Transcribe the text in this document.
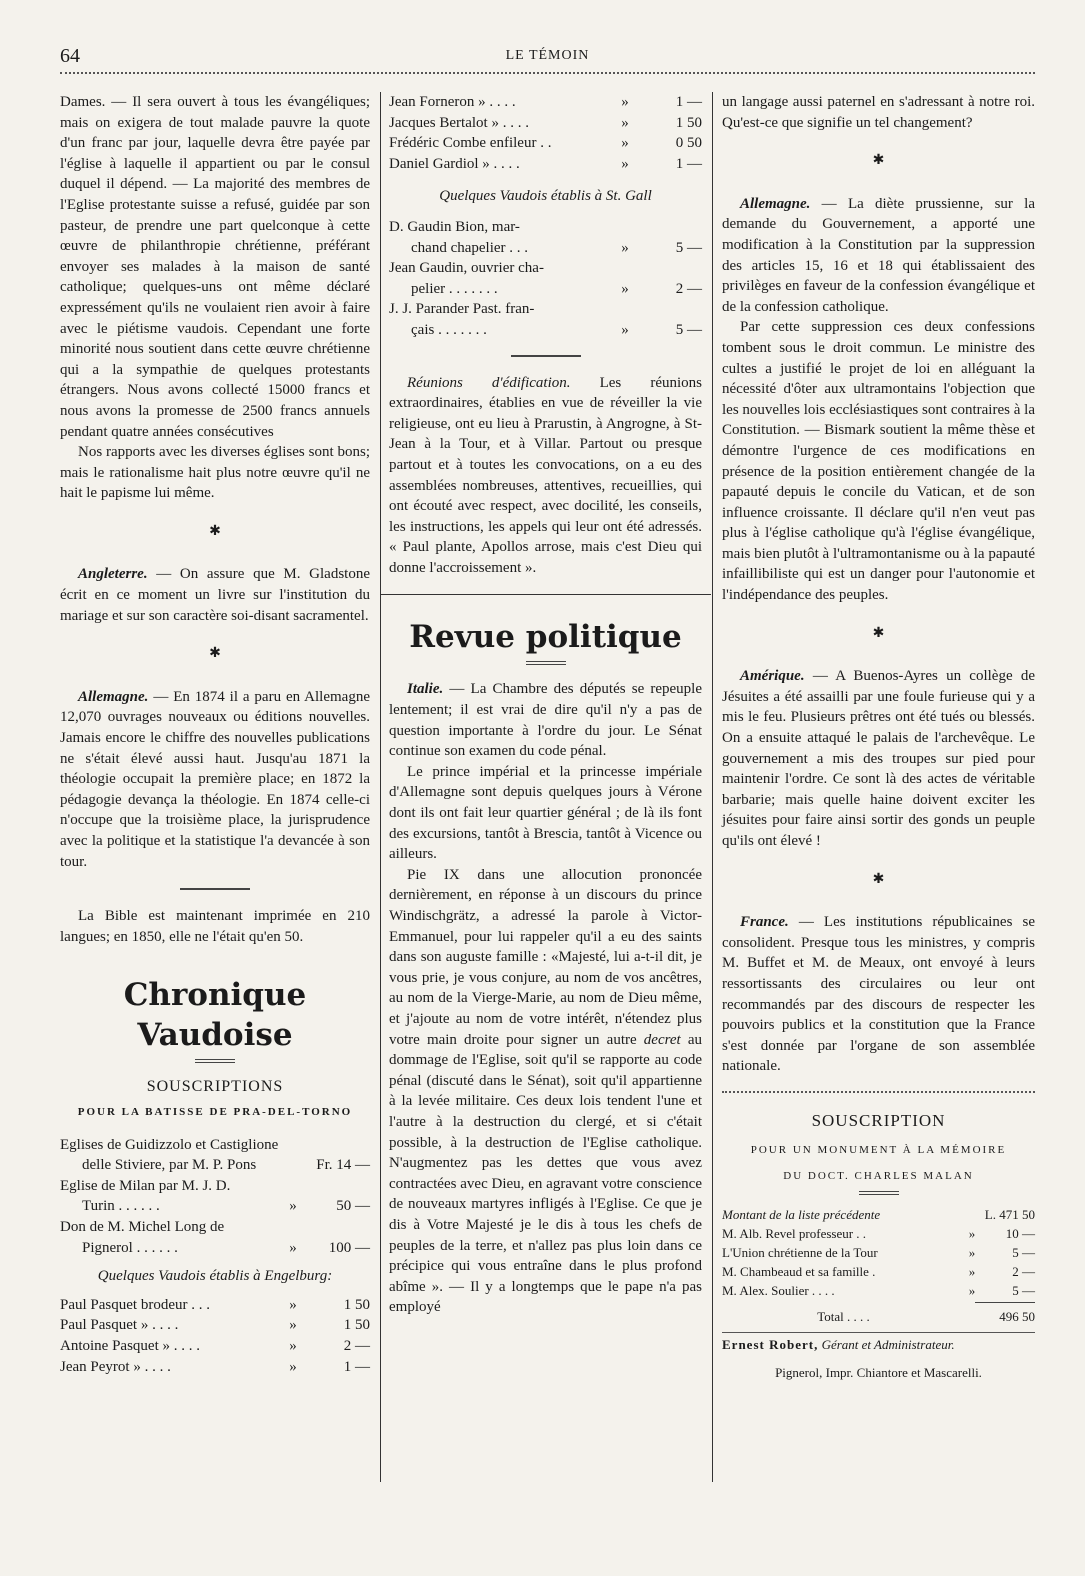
64	LE TÉMOIN

Dames. — Il sera ouvert à tous les évangéliques; mais on exigera de tout malade pauvre la quote d'un franc par jour, laquelle devra être payée par l'église à laquelle il appartient ou par le consul duquel il dépend. — La majorité des membres de l'Eglise protestante suisse a refusé, guidée par son pasteur, de prendre une part quelconque à cette œuvre de philanthropie chrétienne, préférant envoyer ses malades à la maison de santé catholique; quelques-uns ont même déclaré expressément qu'ils ne voulaient rien avoir à faire avec le piétisme vaudois. Cependant une forte minorité nous soutient dans cette œuvre chrétienne qui a la sympathie de quelques protestants étrangers. Nous avons collecté 15000 francs et nous avons la promesse de 2500 francs annuels pendant quatre années consécutives

Nos rapports avec les diverses églises sont bons; mais le rationalisme hait plus notre œuvre qu'il ne hait le papisme lui même.

✱

Angleterre. — On assure que M. Gladstone écrit en ce moment un livre sur l'institution du mariage et sur son caractère soi-disant sacramentel.

✱

Allemagne. — En 1874 il a paru en Allemagne 12,070 ouvrages nouveaux ou éditions nouvelles. Jamais encore le chiffre des nouvelles publications ne s'était élevé aussi haut. Jusqu'au 1871 la théologie occupait la première place; en 1872 la pédagogie devança la théologie. En 1874 celle-ci n'occupe que la troisième place, la jurisprudence avec la politique et la statistique l'a devancée à son tour.

La Bible est maintenant imprimée en 210 langues; en 1850, elle ne l'était qu'en 50.

Chronique Vaudoise
SOUSCRIPTIONS
POUR LA BATISSE DE PRA-DEL-TORNO
Eglises de Guidizzolo et Castiglione delle Stiviere, par M. P. Pons	Fr. 14 —
Eglise de Milan par M. J. D.
Turin . . . . . .	»	50 —
Don de M. Michel Long de
Pignerol . . . . . .	»	100 —
Quelques Vaudois établis à Engelburg:
Paul Pasquet brodeur . . .	»	1 50
Paul Pasquet » . . . .	»	1 50
Antoine Pasquet » . . . .	»	2 —
Jean Peyrot » . . . .	»	1 —
Jean Forneron » . . . .	»	1 —
Jacques Bertalot » . . . .	»	1 50
Frédéric Combe enfileur . .	»	0 50
Daniel Gardiol » . . . .	»	1 —
Quelques Vaudois établis à St. Gall
D. Gaudin Bion, mar-
chand chapelier . . .	»	5 —
Jean Gaudin, ouvrier cha-
pelier . . . . . . .	»	2 —
J. J. Parander Past. fran-
çais . . . . . . .	»	5 —

Réunions d'édification. Les réunions extraordinaires, établies en vue de réveiller la vie religieuse, ont eu lieu à Prarustin, à Angrogne, à St-Jean à la Tour, et à Villar. Partout ou presque partout et à toutes les convocations, on a eu des assemblées nombreuses, attentives, recueillies, qui ont écouté avec respect, avec docilité, les conseils, les instructions, les appels qui leur ont été adressés. « Paul plante, Apollos arrose, mais c'est Dieu qui donne l'accroissement ».

Revue politique

Italie. — La Chambre des députés se repeuple lentement; il est vrai de dire qu'il n'y a pas de question importante à l'ordre du jour. Le Sénat continue son examen du code pénal.

Le prince impérial et la princesse impériale d'Allemagne sont depuis quelques jours à Vérone dont ils ont fait leur quartier général ; de là ils font des excursions, tantôt à Brescia, tantôt à Vicence ou ailleurs.

Pie IX dans une allocution prononcée dernièrement, en réponse à un discours du prince Windischgrätz, a adressé la parole à Victor-Emmanuel, pour lui rappeler qu'il a eu des saints dans son auguste famille : «Majesté, lui a-t-il dit, je vous prie, je vous conjure, au nom de vos ancêtres, au nom de la Vierge-Marie, au nom de Dieu même, et j'ajoute au nom de votre intérêt, n'étendez plus votre main droite pour signer un autre decret au dommage de l'Eglise, soit qu'il se rapporte au code pénal (discuté dans le Sénat), soit qu'il appartienne à la levée militaire. Ces deux lois tendent l'une et l'autre à la destruction du clergé, et si c'était possible, à la destruction de l'Eglise catholique. N'augmentez pas les dettes que vous avez contractées avec Dieu, en agravant votre conscience de nouveaux martyres infligés à l'Eglise. Ce que je dis à Votre Majesté je le dis à tous les chefs de peuples de la terre, et n'allez pas plus loin dans ce précipice qui vous entraîne dans le plus profond abîme ». — Il y a longtemps que le pape n'a pas employé

un langage aussi paternel en s'adressant à notre roi. Qu'est-ce que signifie un tel changement?

✱

Allemagne. — La diète prussienne, sur la demande du Gouvernement, a apporté une modification à la Constitution par la suppression des articles 15, 16 et 18 qui établissaient des privilèges en faveur de la confession évangélique et de la confession catholique.

Par cette suppression ces deux confessions tombent sous le droit commun. Le ministre des cultes a justifié le projet de loi en alléguant la nécessité d'ôter aux ultramontains l'objection que les nouvelles lois ecclésiastiques sont contraires à la Constitution. — Bismark soutient la même thèse et démontre l'urgence de ces modifications en présence de la position entièrement changée de la papauté depuis le concile du Vatican, et de son influence croissante. Il déclare qu'il n'en veut pas plus à l'église catholique qu'à l'église évangélique, mais bien plutôt à l'ultramontanisme ou à la papauté infaillibiliste qui est un danger pour l'autonomie et l'indépendance des peuples.

✱

Amérique. — A Buenos-Ayres un collège de Jésuites a été assailli par une foule furieuse qui y a mis le feu. Plusieurs prêtres ont été tués ou blessés. On a ensuite attaqué le palais de l'archevêque. Le gouvernement a mis des troupes sur pied pour maintenir l'ordre. Ce sont là des actes de véritable barbarie; mais quelle haine doivent exciter les jésuites pour faire ainsi sortir des gonds un peuple qu'ils ont élevé !

✱

France. — Les institutions républicaines se consolident. Presque tous les ministres, y compris M. Buffet et M. de Meaux, ont envoyé à leurs ressortissants des circulaires ou leur ont recommandés par des discours de respecter les pouvoirs publics et la constitution que la France s'est donnée par l'organe de son assemblée nationale.

SOUSCRIPTION
POUR UN MONUMENT À LA MÉMOIRE
DU DOCT. CHARLES MALAN
Montant de la liste précédente	L. 471 50
M. Alb. Revel professeur . .	»	10 —
L'Union chrétienne de la Tour	»	5 —
M. Chambeaud et sa famille .	»	2 —
M. Alex. Soulier . . . .	»	5 —
Total . . . .	496 50
Ernest Robert, Gérant et Administrateur.
Pignerol, Impr. Chiantore et Mascarelli.
